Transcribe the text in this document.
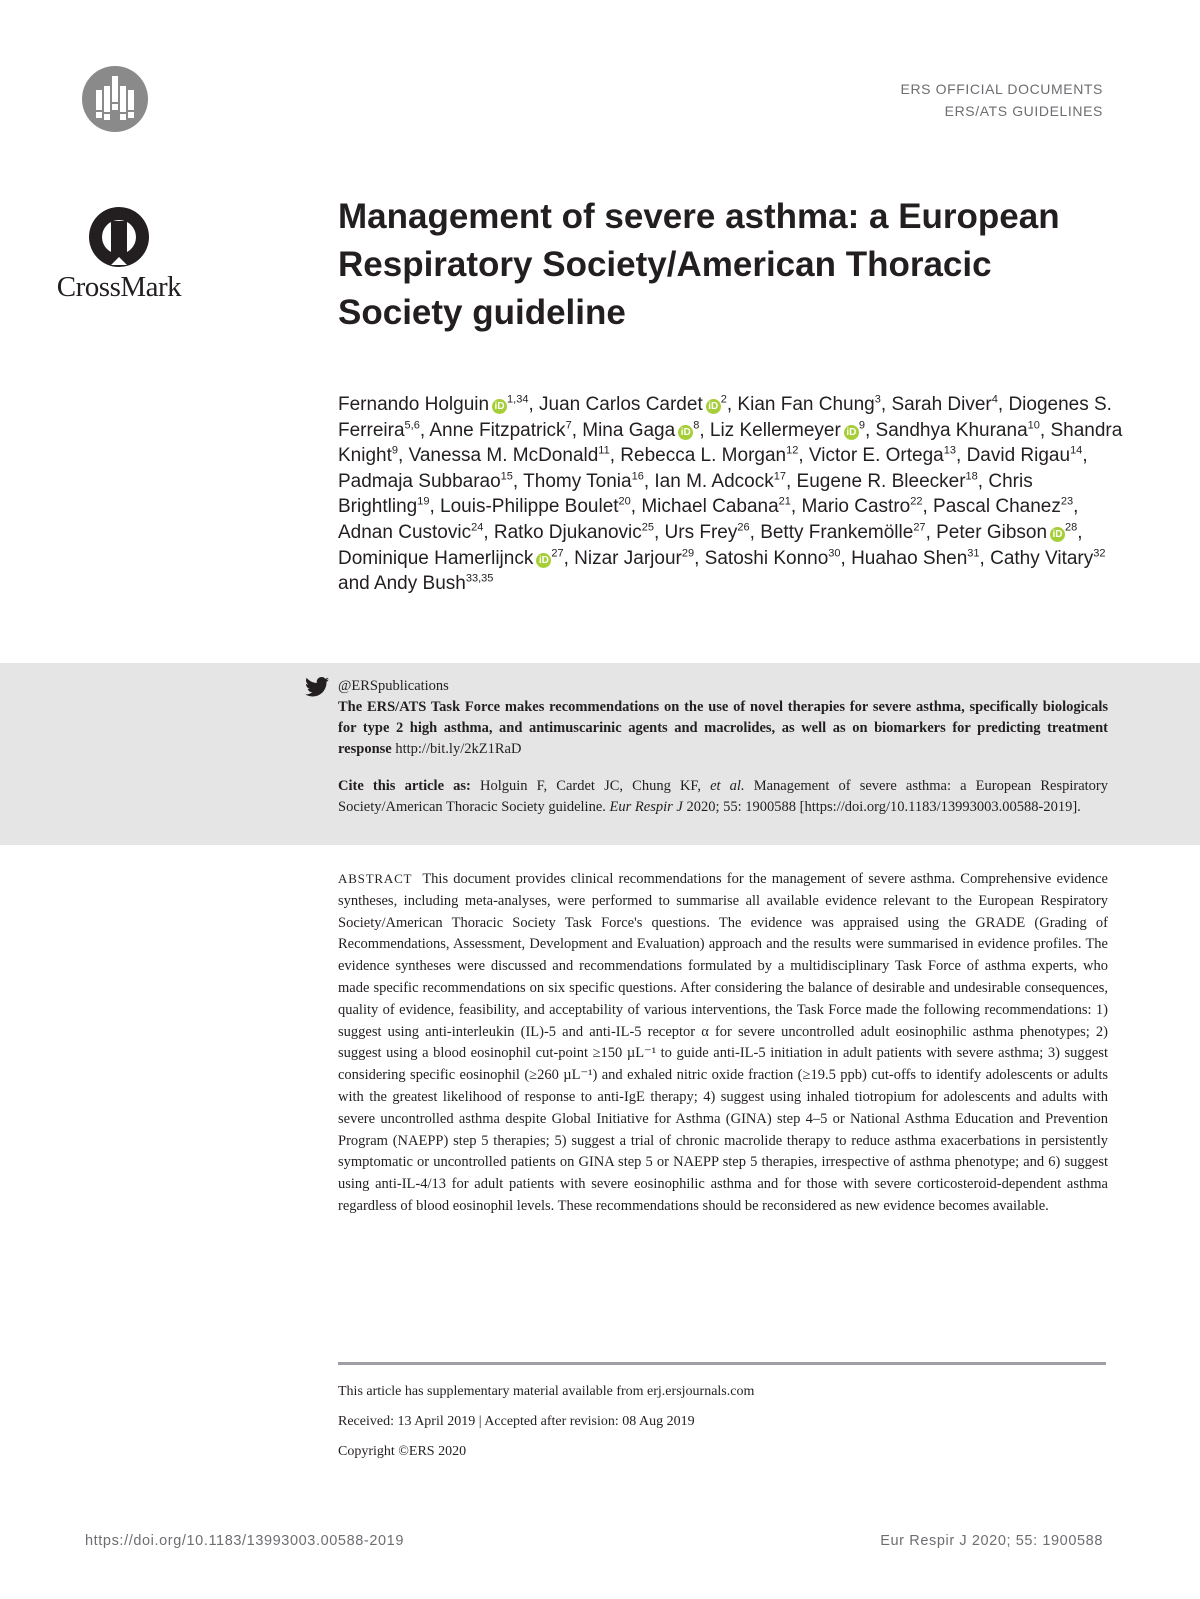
CrossMark
ERS OFFICIAL DOCUMENTS
ERS/ATS GUIDELINES
Management of severe asthma: a European Respiratory Society/American Thoracic Society guideline
Fernando Holguin iD$^{1,34}$, Juan Carlos Cardet $iD^2$, Kian Fan Chung$^3$, Sarah Diver$^4$, Diogenes S. Ferreira$^{5,6}$, Anne Fitzpatrick$^7$, Mina Gaga $iD^8$, Liz Kellermeyer $iD^9$, Sandhya Khurana$^{10}$, Shandra Knight$^9$, Vanessa M. McDonald$^{11}$, Rebecca L. Morgan$^{12}$, Victor E. Ortega$^{13}$, David Rigau$^{14}$, Padmaja Subbarao$^{15}$, Thomy Tonia$^{16}$, Ian M. Adcock$^{17}$, Eugene R. Bleecker$^{18}$, Chris Brightling$^{19}$, Louis-Philippe Boulet$^{20}$, Michael Cabana$^{21}$, Mario Castro$^{22}$, Pascal Chanez$^{23}$, Adnan Custovic$^{24}$, Ratko Djukanovic$^{25}$, Urs Frey$^{26}$, Betty Frankemölle$^{27}$, Peter Gibson $iD^{28}$, Dominique Hamerlijnck $iD^{27}$, Nizar Jarjour$^{29}$, Satoshi Konno$^{30}$, Huahao Shen$^{31}$, Cathy Vitary$^{32}$ and Andy Bush$^{33,35}$
@ERSpublications
The ERS/ATS Task Force makes recommendations on the use of novel therapies for severe asthma, specifically biologicals for type 2 high asthma, and antimuscarinic agents and macrolides, as well as on biomarkers for predicting treatment response http://bit.ly/2kZ1RaD
Cite this article as: Holguin F, Cardet JC, Chung KF, et al. Management of severe asthma: a European Respiratory Society/American Thoracic Society guideline. Eur Respir J 2020; 55: 1900588 [https://doi.org/10.1183/13993003.00588-2019].

ABSTRACT This document provides clinical recommendations for the management of severe asthma. Comprehensive evidence syntheses, including meta-analyses, were performed to summarise all available evidence relevant to the European Respiratory Society/American Thoracic Society Task Force's questions. The evidence was appraised using the GRADE (Grading of Recommendations, Assessment, Development and Evaluation) approach and the results were summarised in evidence profiles. The evidence syntheses were discussed and recommendations formulated by a multidisciplinary Task Force of asthma experts, who made specific recommendations on six specific questions. After considering the balance of desirable and undesirable consequences, quality of evidence, feasibility, and acceptability of various interventions, the Task Force made the following recommendations: 1) suggest using anti-interleukin (IL)-5 and anti-IL-5 receptor α for severe uncontrolled adult eosinophilic asthma phenotypes; 2) suggest using a blood eosinophil cut-point ≥150 µL⁻¹ to guide anti-IL-5 initiation in adult patients with severe asthma; 3) suggest considering specific eosinophil (≥260 µL⁻¹) and exhaled nitric oxide fraction (≥19.5 ppb) cut-offs to identify adolescents or adults with the greatest likelihood of response to anti-IgE therapy; 4) suggest using inhaled tiotropium for adolescents and adults with severe uncontrolled asthma despite Global Initiative for Asthma (GINA) step 4–5 or National Asthma Education and Prevention Program (NAEPP) step 5 therapies; 5) suggest a trial of chronic macrolide therapy to reduce asthma exacerbations in persistently symptomatic or uncontrolled patients on GINA step 5 or NAEPP step 5 therapies, irrespective of asthma phenotype; and 6) suggest using anti-IL-4/13 for adult patients with severe eosinophilic asthma and for those with severe corticosteroid-dependent asthma regardless of blood eosinophil levels. These recommendations should be reconsidered as new evidence becomes available.

This article has supplementary material available from erj.ersjournals.com
Received: 13 April 2019 | Accepted after revision: 08 Aug 2019
Copyright ©ERS 2020
https://doi.org/10.1183/13993003.00588-2019	Eur Respir J 2020; 55: 1900588
